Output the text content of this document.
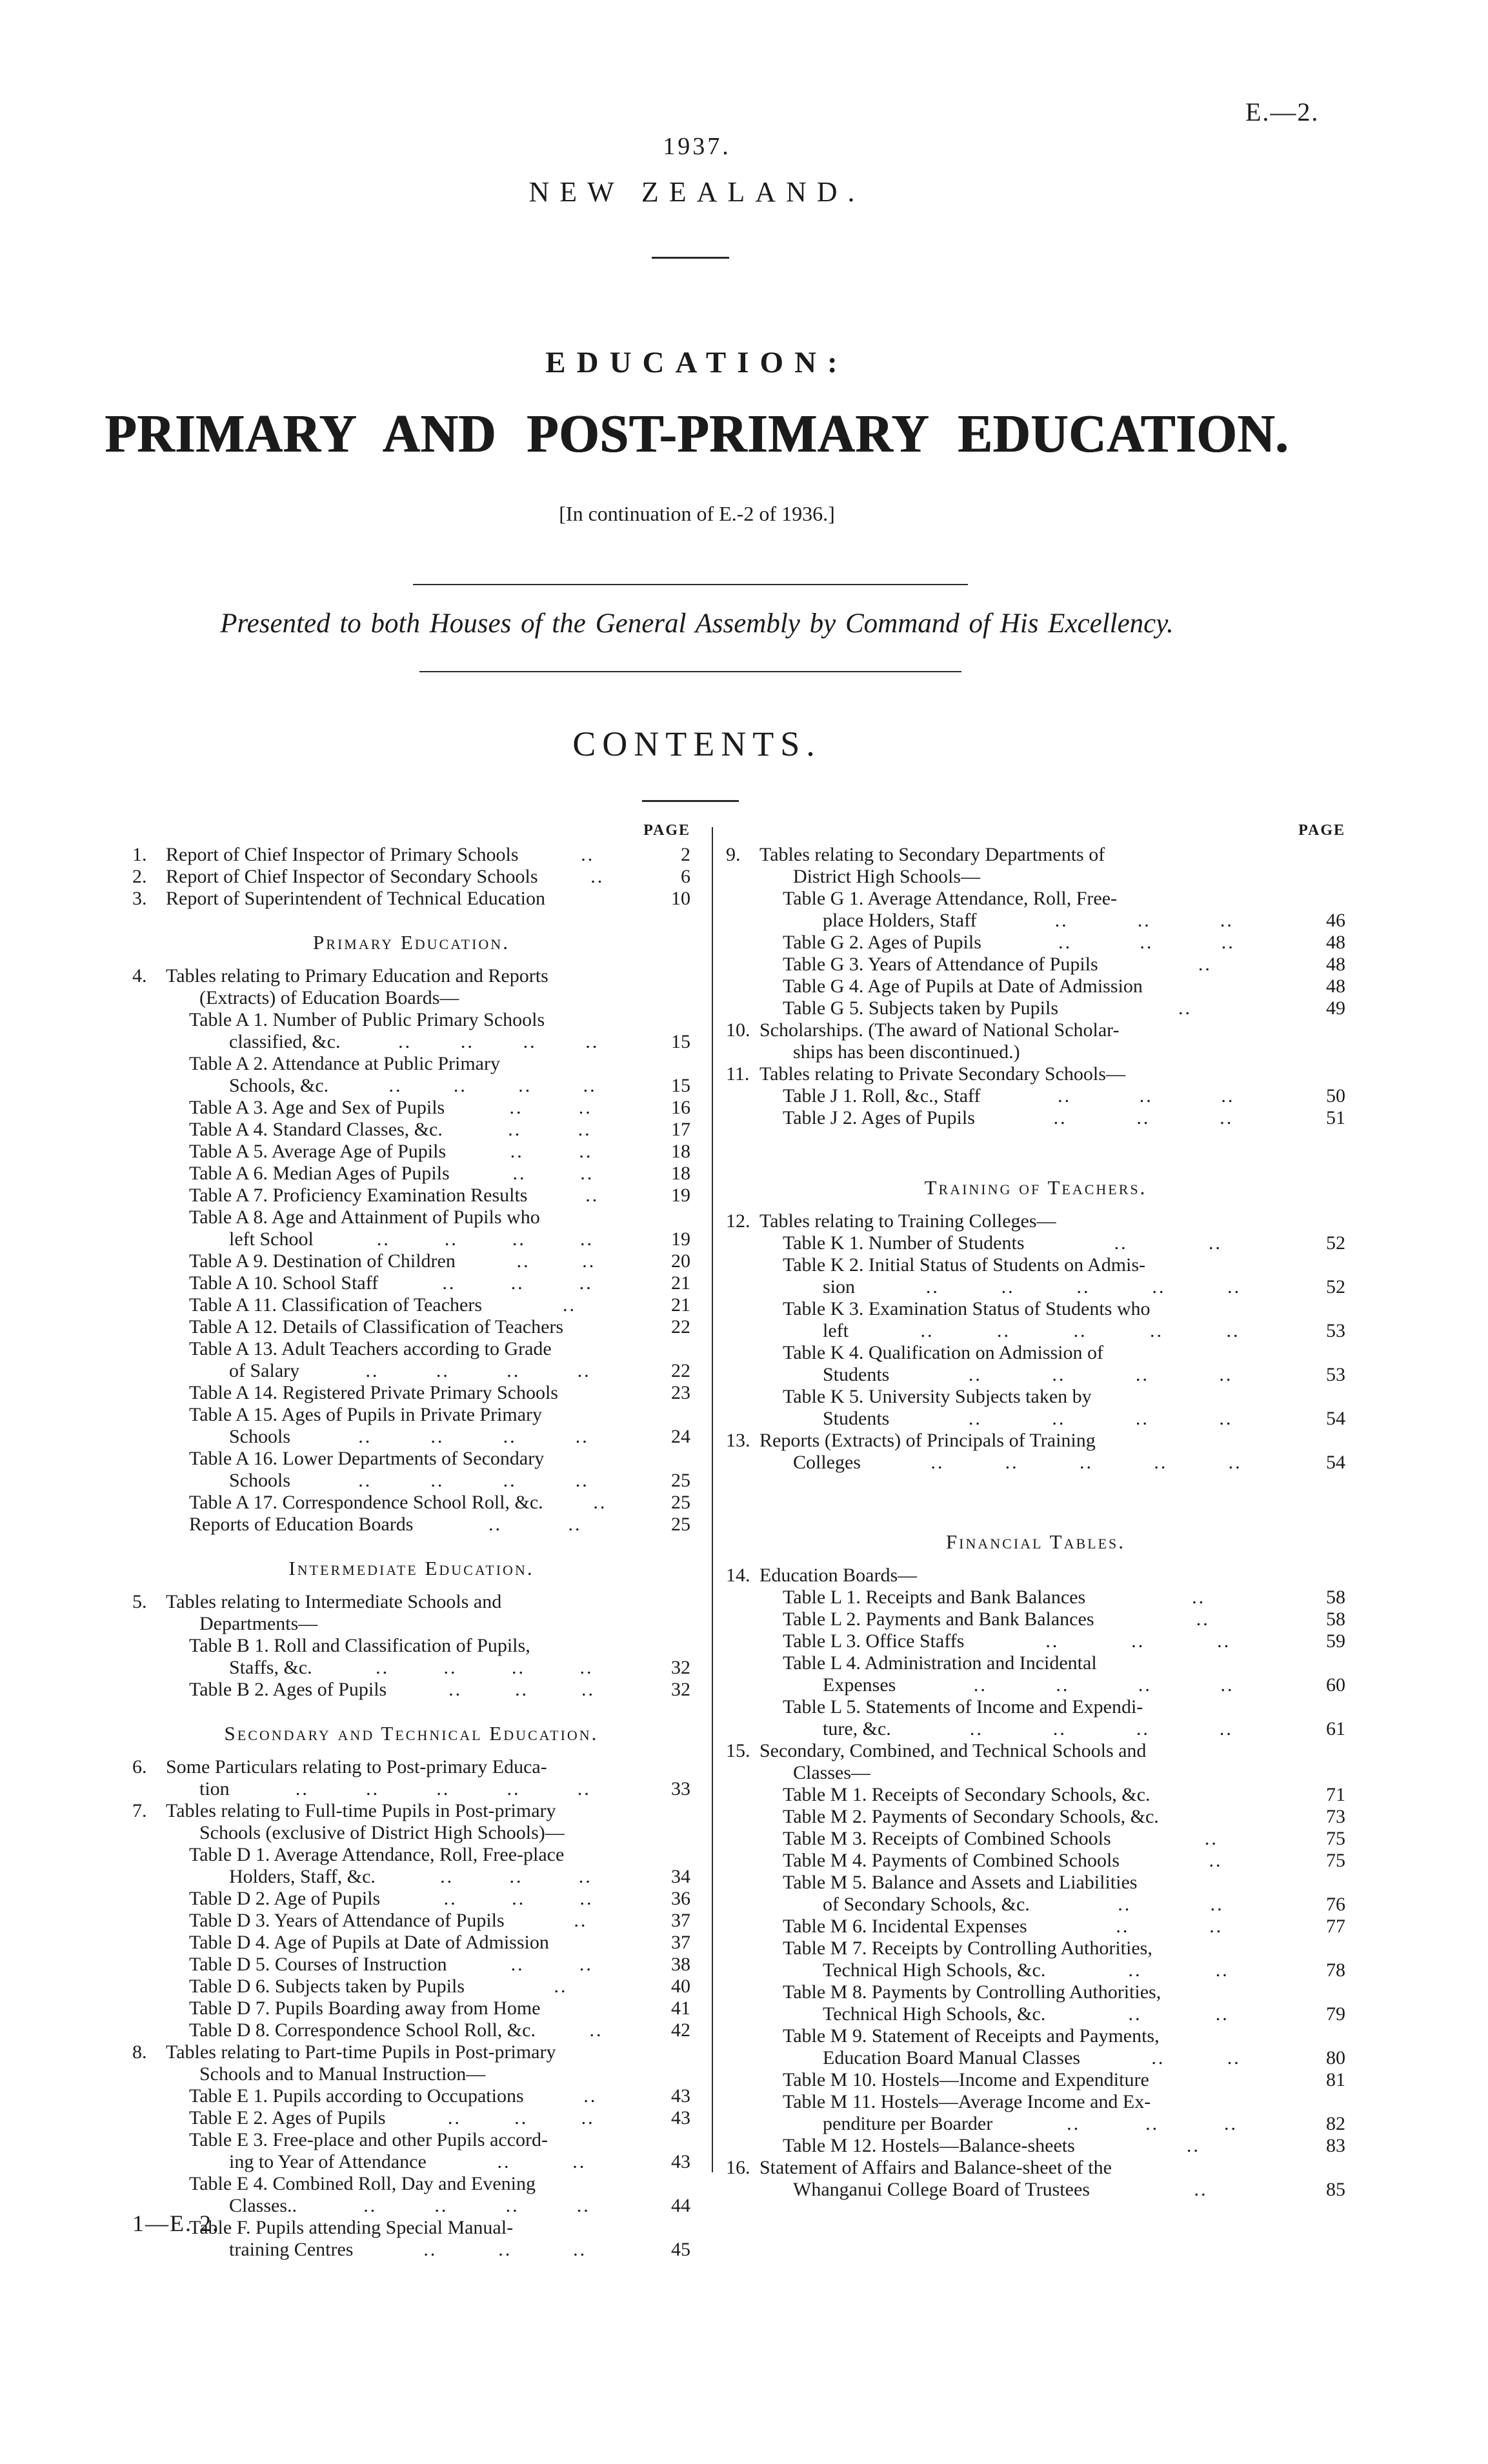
E.—2.
1937.
NEW ZEALAND.
EDUCATION:
PRIMARY AND POST-PRIMARY EDUCATION.
[In continuation of E.-2 of 1936.]
Presented to both Houses of the General Assembly by Command of His Excellency.
CONTENTS.
PAGE
1. Report of Chief Inspector of Primary Schools	..	2
2. Report of Chief Inspector of Secondary Schools	..	6
3. Report of Superintendent of Technical Education	10
Primary Education.
4. Tables relating to Primary Education and Reports
(Extracts) of Education Boards—
Table A 1. Number of Public Primary Schools
classified, &c.	..	..	..	..	15
Table A 2. Attendance at Public Primary
Schools, &c.	..	..	..	..	15
Table A 3. Age and Sex of Pupils	..	..	16
Table A 4. Standard Classes, &c.	..	..	17
Table A 5. Average Age of Pupils	..	..	18
Table A 6. Median Ages of Pupils	..	..	18
Table A 7. Proficiency Examination Results	..	19
Table A 8. Age and Attainment of Pupils who
left School	..	..	..	..	19
Table A 9. Destination of Children	..	..	20
Table A 10. School Staff	..	..	..	21
Table A 11. Classification of Teachers	..	21
Table A 12. Details of Classification of Teachers	22
Table A 13. Adult Teachers according to Grade
of Salary	..	..	..	..	22
Table A 14. Registered Private Primary Schools	23
Table A 15. Ages of Pupils in Private Primary
Schools	..	..	..	..	24
Table A 16. Lower Departments of Secondary
Schools	..	..	..	..	25
Table A 17. Correspondence School Roll, &c.	..	25
Reports of Education Boards	..	..	25
Intermediate Education.
5. Tables relating to Intermediate Schools and
Departments—
Table B 1. Roll and Classification of Pupils,
Staffs, &c.	..	..	..	..	32
Table B 2. Ages of Pupils	..	..	..	32
Secondary and Technical Education.
6. Some Particulars relating to Post-primary Educa-
tion	..	..	..	..	..	33
7. Tables relating to Full-time Pupils in Post-primary
Schools (exclusive of District High Schools)—
Table D 1. Average Attendance, Roll, Free-place
Holders, Staff, &c.	..	..	..	34
Table D 2. Age of Pupils	..	..	..	36
Table D 3. Years of Attendance of Pupils	..	37
Table D 4. Age of Pupils at Date of Admission	37
Table D 5. Courses of Instruction	..	..	38
Table D 6. Subjects taken by Pupils	..	40
Table D 7. Pupils Boarding away from Home	41
Table D 8. Correspondence School Roll, &c.	..	42
8. Tables relating to Part-time Pupils in Post-primary
Schools and to Manual Instruction—
Table E 1. Pupils according to Occupations	..	43
Table E 2. Ages of Pupils	..	..	..	43
Table E 3. Free-place and other Pupils accord-
ing to Year of Attendance	..	..	43
Table E 4. Combined Roll, Day and Evening
Classes..	..	..	..	..	44
Table F. Pupils attending Special Manual-
training Centres	..	..	..	45
PAGE
9. Tables relating to Secondary Departments of
District High Schools—
Table G 1. Average Attendance, Roll, Free-
place Holders, Staff	..	..	..	46
Table G 2. Ages of Pupils	..	..	..	48
Table G 3. Years of Attendance of Pupils	..	48
Table G 4. Age of Pupils at Date of Admission	48
Table G 5. Subjects taken by Pupils	..	49
10. Scholarships. (The award of National Scholar-
ships has been discontinued.)
11. Tables relating to Private Secondary Schools—
Table J 1. Roll, &c., Staff	..	..	..	50
Table J 2. Ages of Pupils	..	..	..	51
Training of Teachers.
12. Tables relating to Training Colleges—
Table K 1. Number of Students	..	..	52
Table K 2. Initial Status of Students on Admis-
sion	..	..	..	..	..	52
Table K 3. Examination Status of Students who
left	..	..	..	..	..	53
Table K 4. Qualification on Admission of
Students	..	..	..	..	53
Table K 5. University Subjects taken by
Students	..	..	..	..	54
13. Reports (Extracts) of Principals of Training
Colleges	..	..	..	..	..	54
Financial Tables.
14. Education Boards—
Table L 1. Receipts and Bank Balances	..	58
Table L 2. Payments and Bank Balances	..	58
Table L 3. Office Staffs	..	..	..	59
Table L 4. Administration and Incidental
Expenses	..	..	..	..	60
Table L 5. Statements of Income and Expendi-
ture, &c.	..	..	..	..	61
15. Secondary, Combined, and Technical Schools and
Classes—
Table M 1. Receipts of Secondary Schools, &c.	71
Table M 2. Payments of Secondary Schools, &c.	73
Table M 3. Receipts of Combined Schools	..	75
Table M 4. Payments of Combined Schools	..	75
Table M 5. Balance and Assets and Liabilities
of Secondary Schools, &c.	..	..	76
Table M 6. Incidental Expenses	..	..	77
Table M 7. Receipts by Controlling Authorities,
Technical High Schools, &c.	..	..	78
Table M 8. Payments by Controlling Authorities,
Technical High Schools, &c.	..	..	79
Table M 9. Statement of Receipts and Payments,
Education Board Manual Classes	..	..	80
Table M 10. Hostels—Income and Expenditure	81
Table M 11. Hostels—Average Income and Ex-
penditure per Boarder	..	..	..	82
Table M 12. Hostels—Balance-sheets	..	83
16. Statement of Affairs and Balance-sheet of the
Whanganui College Board of Trustees	..	85
1—E. 2.
